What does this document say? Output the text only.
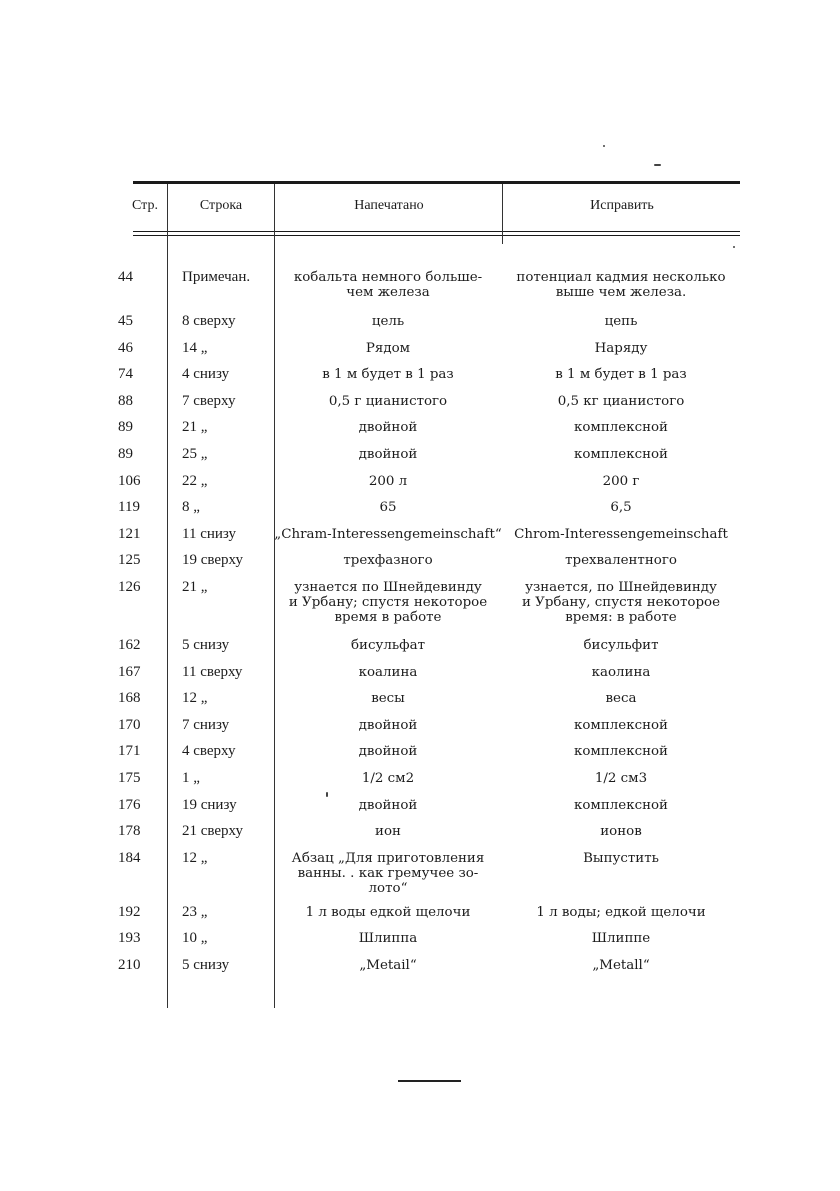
Стр.	Строка	Напечатано	Исправить
44	Примечан.	кобальта немного больше-
чем железа	потенциал кадмия несколько
выше чем железа.
45	8 сверху	цель	цепь
46	14 „	Рядом	Наряду
74	4 снизу	в 1 м будет в 1 раз	в 1 м будет в 1 раз
88	7 сверху	0,5 г цианистого	0,5 кг цианистого
89	21 „	двойной	комплексной
89	25 „	двойной	комплексной
106	22 „	200 л	200 г
119	8 „	65	6,5
121	11 снизу	„Chram-Interessengemeinschaft“	Chrom-Interessengemeinschaft
125	19 сверху	трехфазного	трехвалентного
126	21 „	узнается по Шнейдевинду
и Урбану; спустя некоторое
время в работе	узнается, по Шнейдевинду
и Урбану, спустя некоторое
время: в работе
162	5 снизу	бисульфат	бисульфит
167	11 сверху	коалина	каолина
168	12 „	весы	веса
170	7 снизу	двойной	комплексной
171	4 сверху	двойной	комплексной
175	1 „	1/2 см2	1/2 см3
176	19 снизу	двойной	комплексной
178	21 сверху	ион	ионов
184	12 „	Абзац „Для приготовления
ванны. . как гремучее зо-
лото“	Выпустить
192	23 „	1 л воды едкой щелочи	1 л воды; едкой щелочи
193	10 „	Шлиппа	Шлиппе
210	5 снизу	„Metail“	„Metall“
